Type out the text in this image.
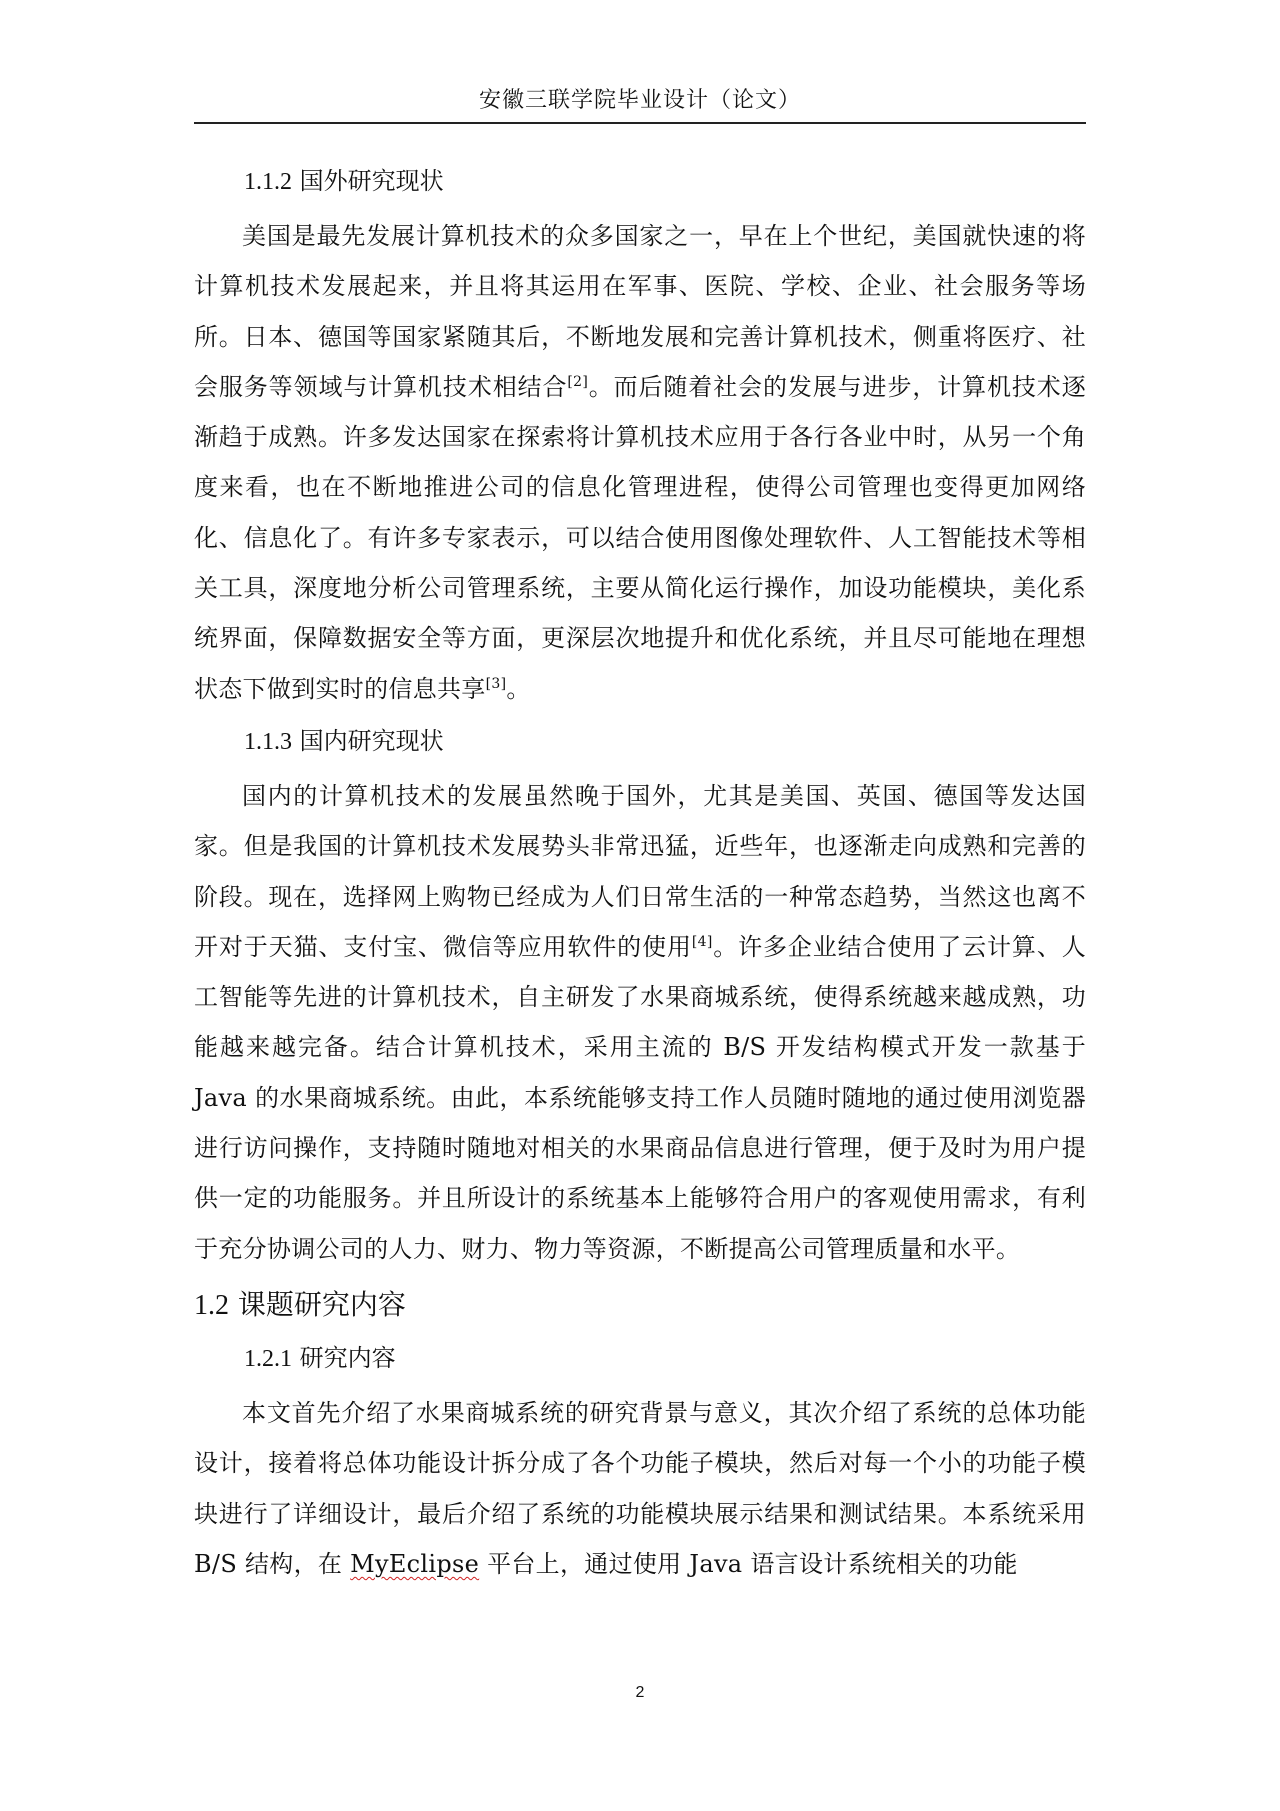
安徽三联学院毕业设计（论文）
1.1.2 国外研究现状

美国是最先发展计算机技术的众多国家之一，早在上个世纪，美国就快速的将计算机技术发展起来，并且将其运用在军事、医院、学校、企业、社会服务等场所。日本、德国等国家紧随其后，不断地发展和完善计算机技术，侧重将医疗、社会服务等领域与计算机技术相结合[2]。而后随着社会的发展与进步，计算机技术逐渐趋于成熟。许多发达国家在探索将计算机技术应用于各行各业中时，从另一个角度来看，也在不断地推进公司的信息化管理进程，使得公司管理也变得更加网络化、信息化了。有许多专家表示，可以结合使用图像处理软件、人工智能技术等相关工具，深度地分析公司管理系统，主要从简化运行操作，加设功能模块，美化系统界面，保障数据安全等方面，更深层次地提升和优化系统，并且尽可能地在理想状态下做到实时的信息共享[3]。

1.1.3 国内研究现状

国内的计算机技术的发展虽然晚于国外，尤其是美国、英国、德国等发达国家。但是我国的计算机技术发展势头非常迅猛，近些年，也逐渐走向成熟和完善的阶段。现在，选择网上购物已经成为人们日常生活的一种常态趋势，当然这也离不开对于天猫、支付宝、微信等应用软件的使用[4]。许多企业结合使用了云计算、人工智能等先进的计算机技术，自主研发了水果商城系统，使得系统越来越成熟，功能越来越完备。结合计算机技术，采用主流的 B/S 开发结构模式开发一款基于 Java 的水果商城系统。由此，本系统能够支持工作人员随时随地的通过使用浏览器进行访问操作，支持随时随地对相关的水果商品信息进行管理，便于及时为用户提供一定的功能服务。并且所设计的系统基本上能够符合用户的客观使用需求，有利于充分协调公司的人力、财力、物力等资源，不断提高公司管理质量和水平。

1.2 课题研究内容
1.2.1 研究内容

本文首先介绍了水果商城系统的研究背景与意义，其次介绍了系统的总体功能设计，接着将总体功能设计拆分成了各个功能子模块，然后对每一个小的功能子模块进行了详细设计，最后介绍了系统的功能模块展示结果和测试结果。本系统采用 B/S 结构，在 MyEclipse 平台上，通过使用 Java 语言设计系统相关的功能

2
